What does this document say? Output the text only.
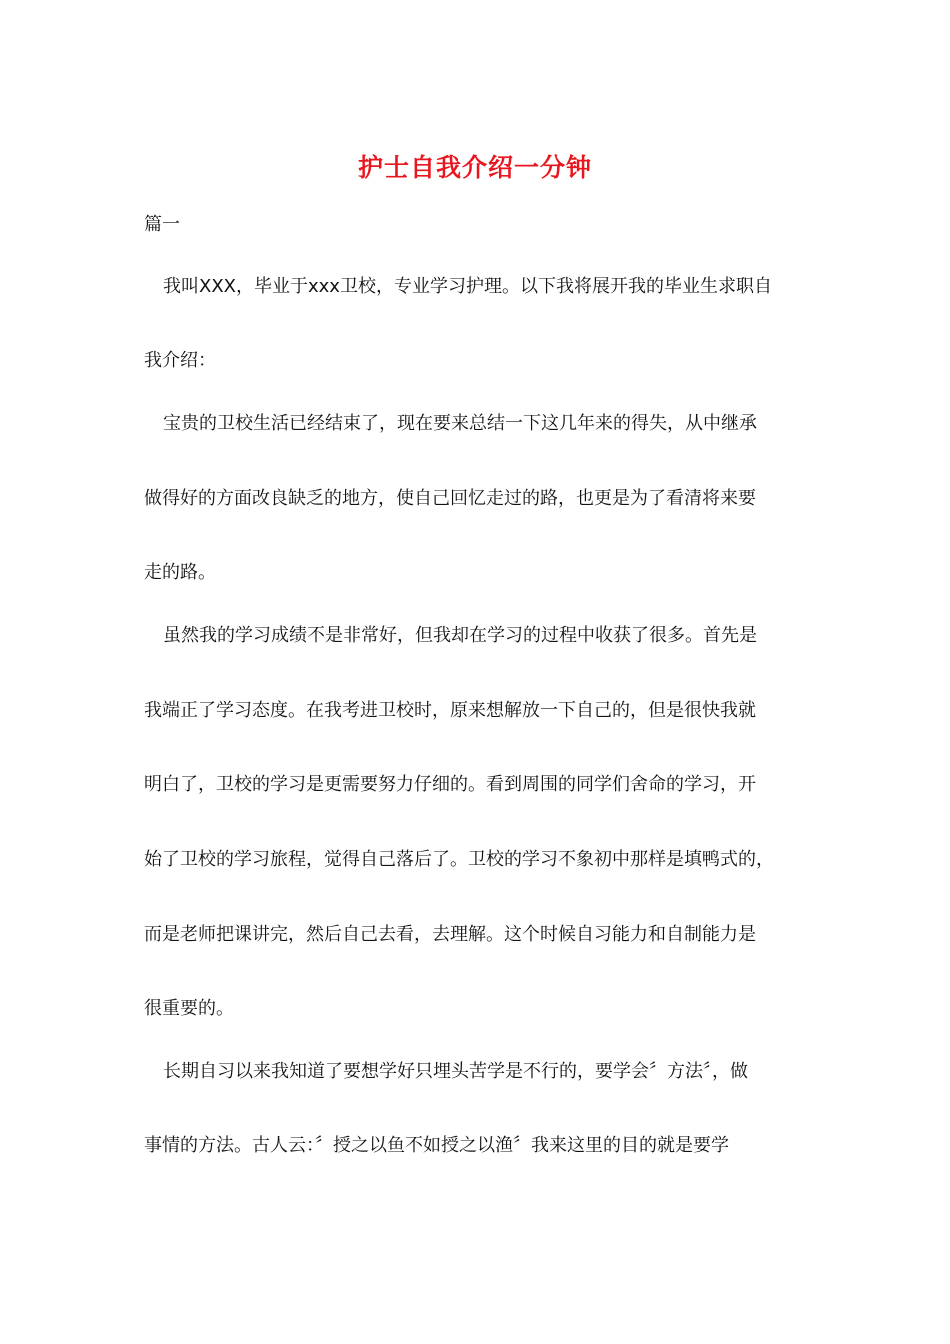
护士自我介绍一分钟
篇一
我叫XXX，毕业于xxx卫校，专业学习护理。以下我将展开我的毕业生求职自
我介绍：
宝贵的卫校生活已经结束了，现在要来总结一下这几年来的得失，从中继承
做得好的方面改良缺乏的地方，使自己回忆走过的路，也更是为了看清将来要
走的路。
虽然我的学习成绩不是非常好，但我却在学习的过程中收获了很多。首先是
我端正了学习态度。在我考进卫校时，原来想解放一下自己的，但是很快我就
明白了，卫校的学习是更需要努力仔细的。看到周围的同学们舍命的学习，开
始了卫校的学习旅程，觉得自己落后了。卫校的学习不象初中那样是填鸭式的，
而是老师把课讲完，然后自己去看，去理解。这个时候自习能力和自制能力是
很重要的。
长期自习以来我知道了要想学好只埋头苦学是不行的，要学会〞方法〞，做
事情的方法。古人云：〞授之以鱼不如授之以渔〞我来这里的目的就是要学
